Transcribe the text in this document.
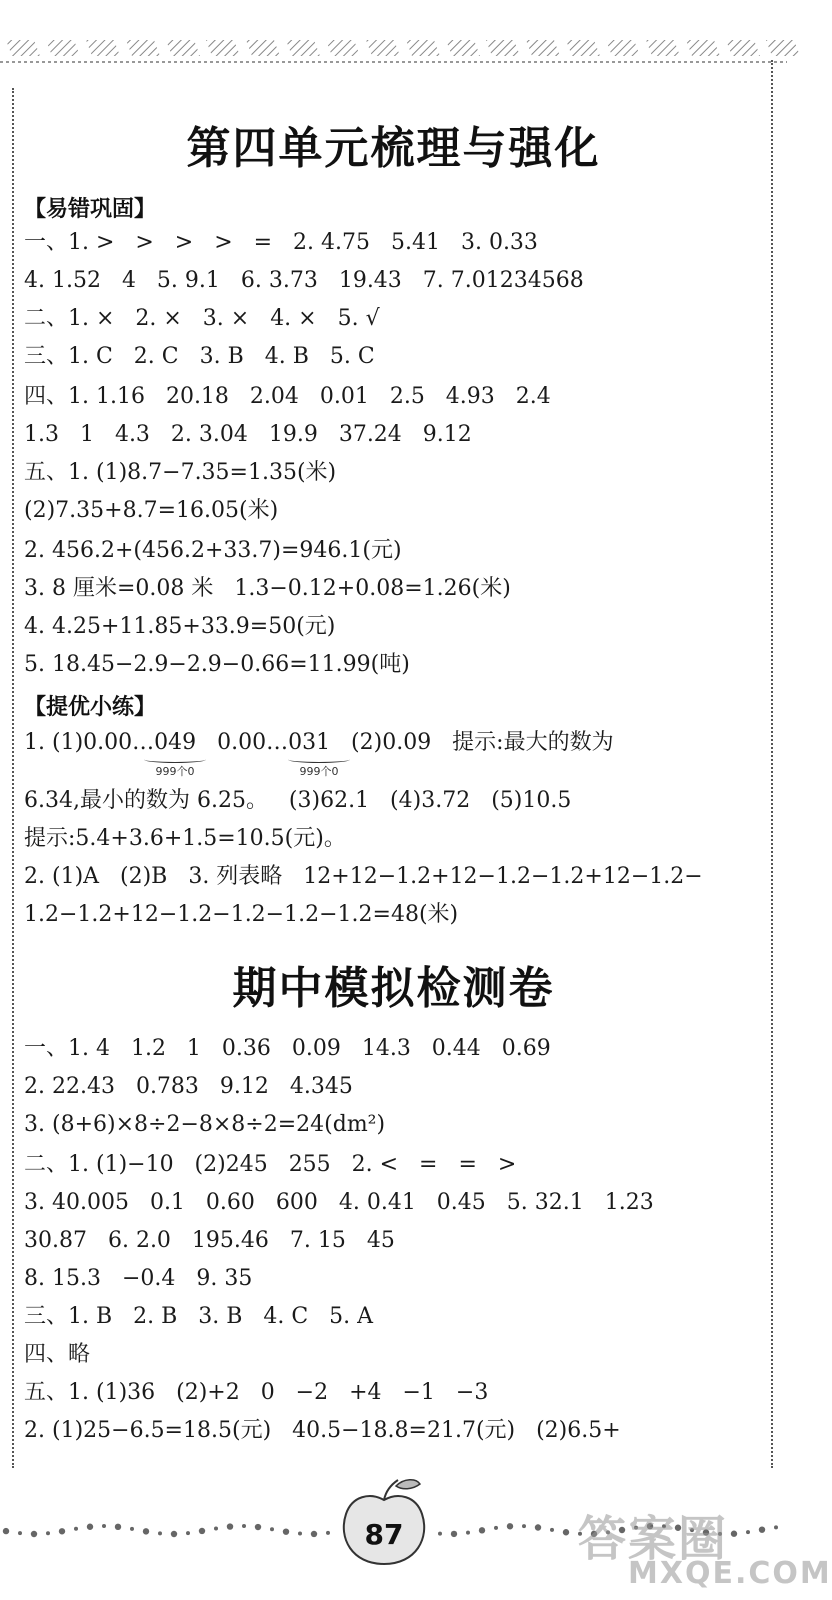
第四单元梳理与强化
【易错巩固】
一、1. >   >   >   >   =   2. 4.75   5.41   3. 0.33
4. 1.52   4   5. 9.1   6. 3.73   19.43   7. 7.01234568
二、1. ×   2. ×   3. ×   4. ×   5. √
三、1. C   2. C   3. B   4. B   5. C
四、1. 1.16   20.18   2.04   0.01   2.5   4.93   2.4
1.3   1   4.3   2. 3.04   19.9   37.24   9.12
五、1. (1)8.7−7.35=1.35(米)
(2)7.35+8.7=16.05(米)
2. 456.2+(456.2+33.7)=946.1(元)
3. 8 厘米=0.08 米   1.3−0.12+0.08=1.26(米)
4. 4.25+11.85+33.9=50(元)
5. 18.45−2.9−2.9−0.66=11.99(吨)
【提优小练】
1. (1)0.00…049   0.00…031   (2)0.09   提示:最大的数为
999个0	999个0
6.34,最小的数为 6.25。   (3)62.1   (4)3.72   (5)10.5
提示:5.4+3.6+1.5=10.5(元)。
2. (1)A   (2)B   3. 列表略   12+12−1.2+12−1.2−1.2+12−1.2−
1.2−1.2+12−1.2−1.2−1.2−1.2=48(米)
期中模拟检测卷
一、1. 4   1.2   1   0.36   0.09   14.3   0.44   0.69
2. 22.43   0.783   9.12   4.345
3. (8+6)×8÷2−8×8÷2=24(dm²)
二、1. (1)−10   (2)245   255   2. <   =   =   >
3. 40.005   0.1   0.60   600   4. 0.41   0.45   5. 32.1   1.23
30.87   6. 2.0   195.46   7. 15   45
8. 15.3   −0.4   9. 35
三、1. B   2. B   3. B   4. C   5. A
四、略
五、1. (1)36   (2)+2   0   −2   +4   −1   −3
2. (1)25−6.5=18.5(元)   40.5−18.8=21.7(元)   (2)6.5+
87	答案圈
MXQE.COM
